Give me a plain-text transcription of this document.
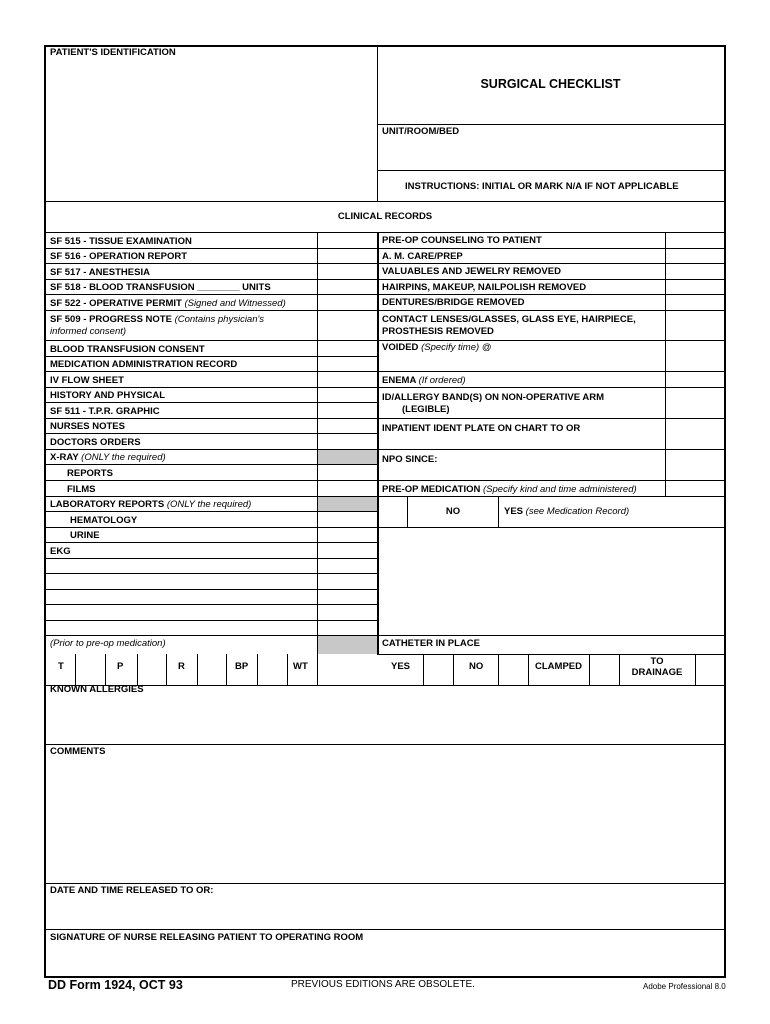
PATIENT'S IDENTIFICATION
SURGICAL CHECKLIST
UNIT/ROOM/BED
INSTRUCTIONS: INITIAL OR MARK N/A IF NOT APPLICABLE
CLINICAL RECORDS
SF 515 - TISSUE EXAMINATION
SF 516 - OPERATION REPORT
SF 517 - ANESTHESIA
SF 518 - BLOOD TRANSFUSION ________ UNITS
SF 522 - OPERATIVE PERMIT (Signed and Witnessed)
SF 509 - PROGRESS NOTE (Contains physician's
informed consent)
BLOOD TRANSFUSION CONSENT
MEDICATION ADMINISTRATION RECORD
IV FLOW SHEET
HISTORY AND PHYSICAL
SF 511 - T.P.R. GRAPHIC
NURSES NOTES
DOCTORS ORDERS
X-RAY (ONLY the required)
REPORTS
FILMS
LABORATORY REPORTS (ONLY the required)
HEMATOLOGY
URINE
EKG
(Prior to pre-op medication)
PRE-OP COUNSELING TO PATIENT
A. M. CARE/PREP
VALUABLES AND JEWELRY REMOVED
HAIRPINS, MAKEUP, NAILPOLISH REMOVED
DENTURES/BRIDGE REMOVED
CONTACT LENSES/GLASSES, GLASS EYE, HAIRPIECE,
PROSTHESIS REMOVED
VOIDED (Specify time) @
ENEMA (If ordered)
ID/ALLERGY BAND(S) ON NON-OPERATIVE ARM
(LEGIBLE)
INPATIENT IDENT PLATE ON CHART TO OR
NPO SINCE:
PRE-OP MEDICATION (Specify kind and time administered)
NO	YES (see Medication Record)
CATHETER IN PLACE
T	P	R	BP	WT	YES	NO	CLAMPED	TO
DRAINAGE
KNOWN ALLERGIES
COMMENTS
DATE AND TIME RELEASED TO OR:
SIGNATURE OF NURSE RELEASING PATIENT TO OPERATING ROOM
DD Form 1924, OCT 93	PREVIOUS EDITIONS ARE OBSOLETE.	Adobe Professional 8.0
